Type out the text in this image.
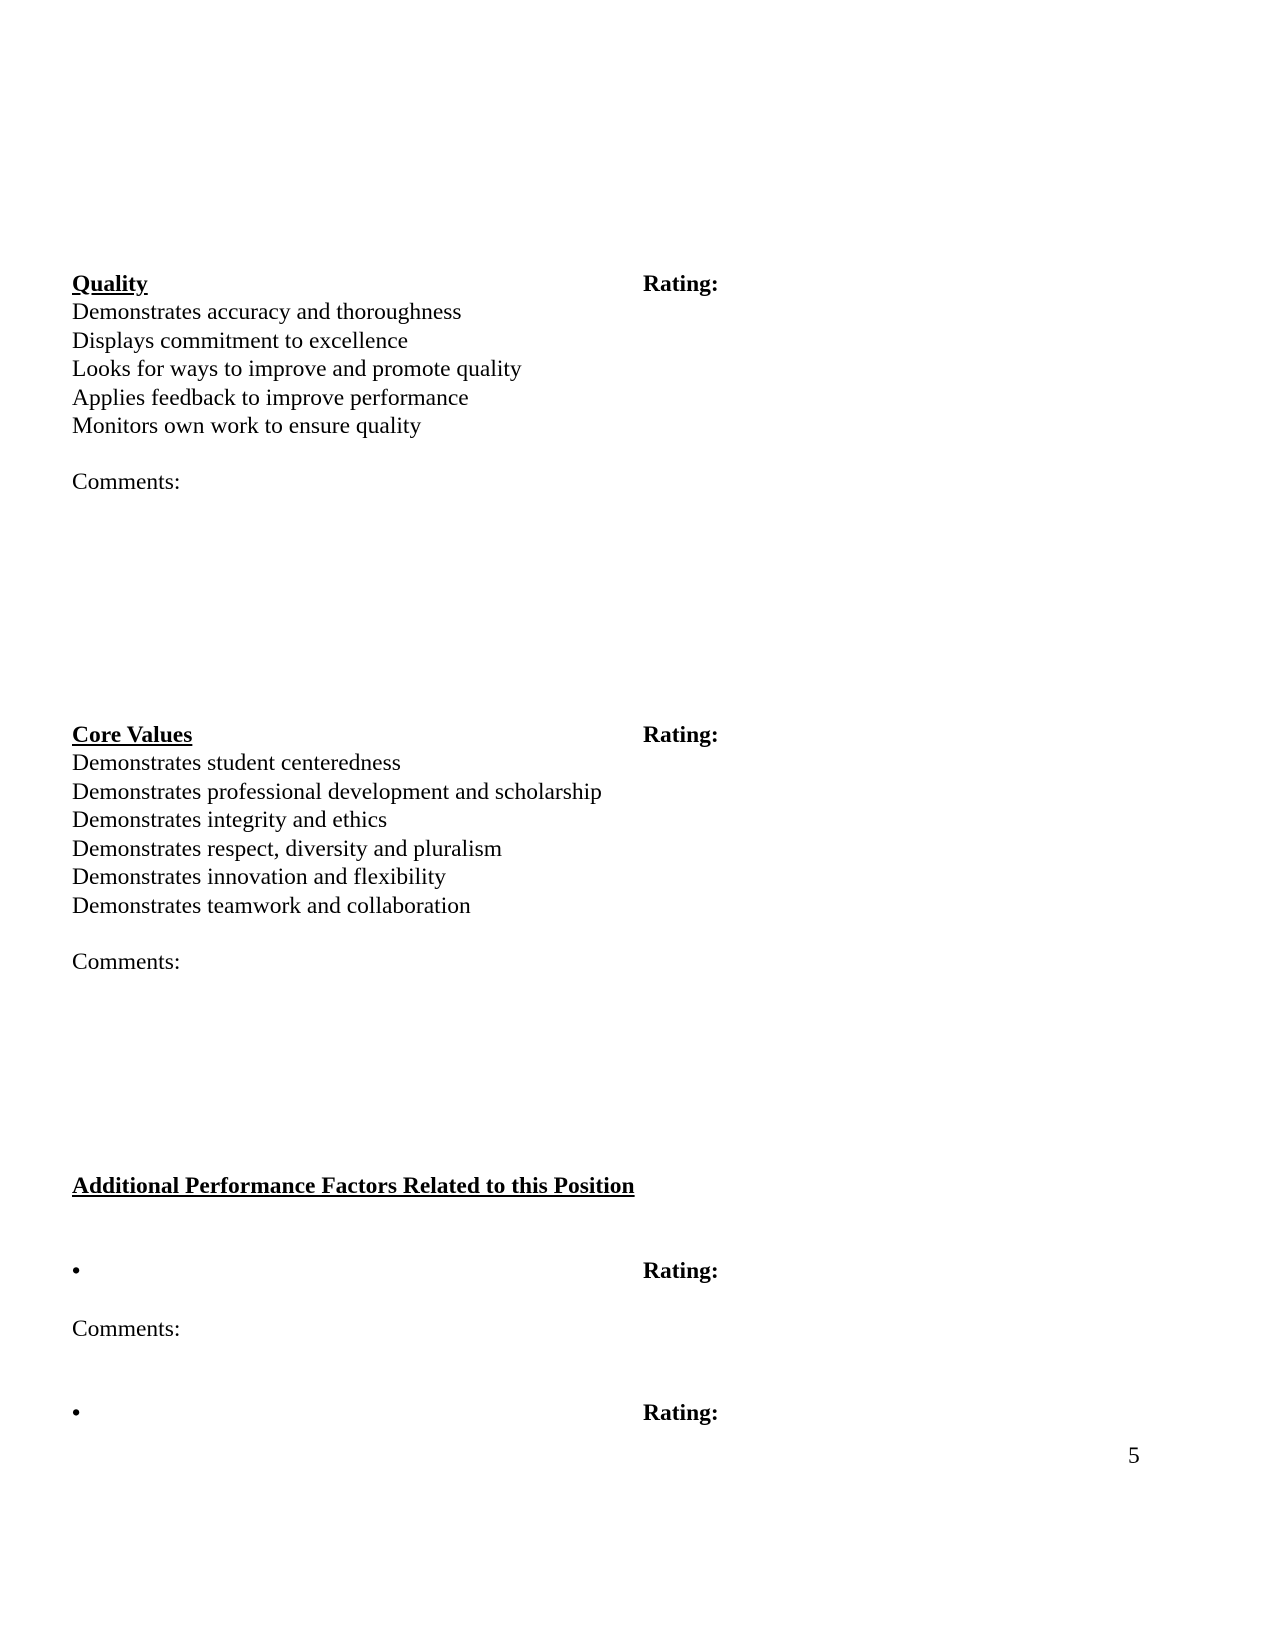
Quality	Rating:
Demonstrates accuracy and thoroughness
Displays commitment to excellence
Looks for ways to improve and promote quality
Applies feedback to improve performance
Monitors own work to ensure quality
Comments:
Core Values	Rating:
Demonstrates student centeredness
Demonstrates professional development and scholarship
Demonstrates integrity and ethics
Demonstrates respect, diversity and pluralism
Demonstrates innovation and flexibility
Demonstrates teamwork and collaboration
Comments:
Additional Performance Factors Related to this Position
•	Rating:
Comments:
•	Rating:
5
